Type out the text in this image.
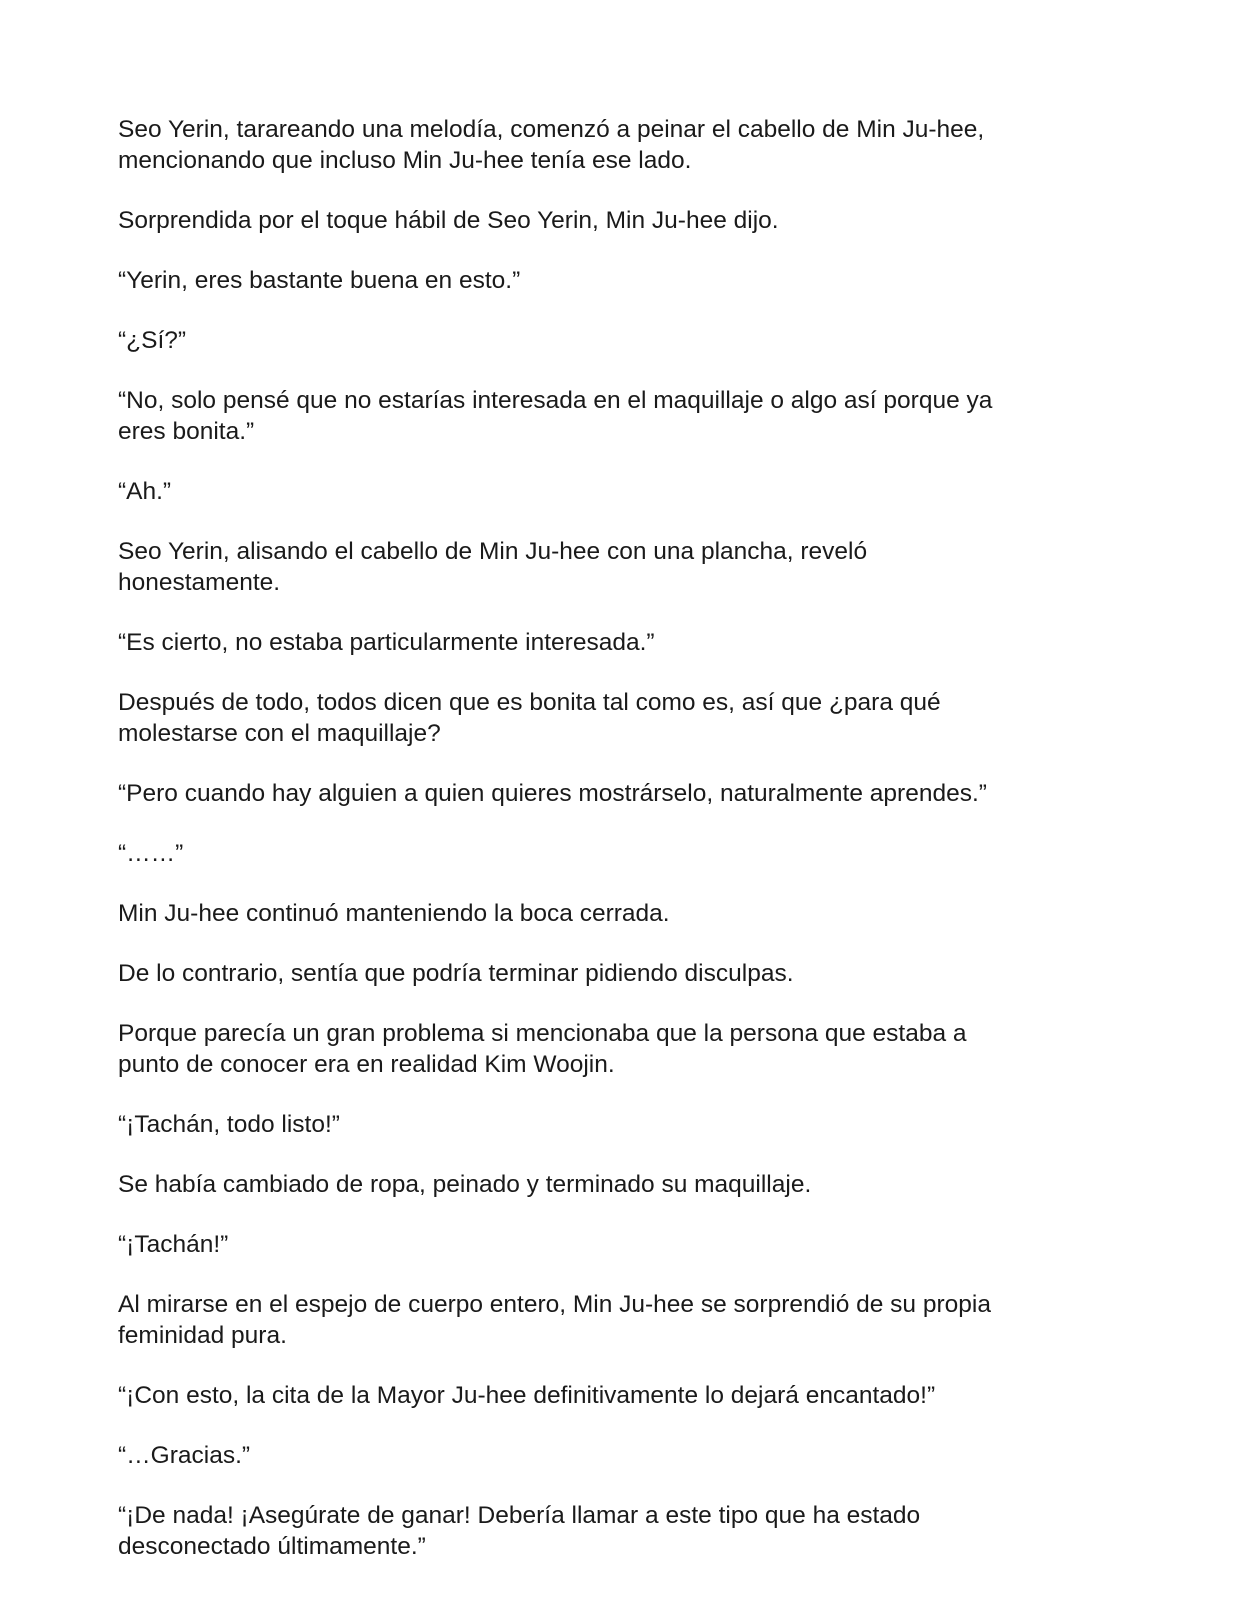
Seo Yerin, tarareando una melodía, comenzó a peinar el cabello de Min Ju-hee,
mencionando que incluso Min Ju-hee tenía ese lado.

Sorprendida por el toque hábil de Seo Yerin, Min Ju-hee dijo.

“Yerin, eres bastante buena en esto.”

“¿Sí?”

“No, solo pensé que no estarías interesada en el maquillaje o algo así porque ya
eres bonita.”

“Ah.”

Seo Yerin, alisando el cabello de Min Ju-hee con una plancha, reveló
honestamente.

“Es cierto, no estaba particularmente interesada.”

Después de todo, todos dicen que es bonita tal como es, así que ¿para qué
molestarse con el maquillaje?

“Pero cuando hay alguien a quien quieres mostrárselo, naturalmente aprendes.”

“……”

Min Ju-hee continuó manteniendo la boca cerrada.

De lo contrario, sentía que podría terminar pidiendo disculpas.

Porque parecía un gran problema si mencionaba que la persona que estaba a
punto de conocer era en realidad Kim Woojin.

“¡Tachán, todo listo!”

Se había cambiado de ropa, peinado y terminado su maquillaje.

“¡Tachán!”

Al mirarse en el espejo de cuerpo entero, Min Ju-hee se sorprendió de su propia
feminidad pura.

“¡Con esto, la cita de la Mayor Ju-hee definitivamente lo dejará encantado!”

“…Gracias.”

“¡De nada! ¡Asegúrate de ganar! Debería llamar a este tipo que ha estado
desconectado últimamente.”
